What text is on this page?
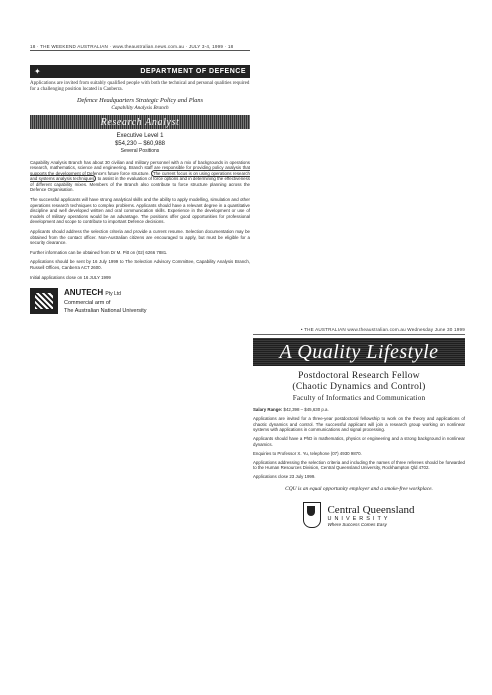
18 · THE WEEKEND AUSTRALIAN · www.theaustralian.news.com.au · JULY 3-4, 1999 · 18
✦	DEPARTMENT OF DEFENCE
Applications are invited from suitably qualified people with both the technical and personal qualities required for a challenging position located in Canberra.
Defence Headquarters Strategic Policy and Plans
Capability Analysis Branch
Research Analyst
Executive Level 1
$54,230 – $60,988
Several Positions
Capability Analysis Branch has about 30 civilian and military personnel with a mix of backgrounds in operations research, mathematics, science and engineering. Branch staff are responsible for providing policy analysis that supports the development of Defence's future force structure. The current focus is on using operations research and systems analysis techniques to assist in the evaluation of force options and in determining the effectiveness of different capability mixes. Members of the Branch also contribute to force structure planning across the Defence Organisation.
The successful applicants will have strong analytical skills and the ability to apply modelling, simulation and other operations research techniques to complex problems. Applicants should have a relevant degree in a quantitative discipline and well developed written and oral communication skills. Experience in the development or use of models of military operations would be an advantage. The positions offer good opportunities for professional development and scope to contribute to important Defence decisions.
Applicants should address the selection criteria and provide a current resume. Selection documentation may be obtained from the contact officer. Non-Australian citizens are encouraged to apply, but must be eligible for a security clearance.
Further information can be obtained from Dr M. Pitt on (02) 6266 7881.
Applications should be sent by 16 July 1999 to The Selection Advisory Committee, Capability Analysis Branch, Russell Offices, Canberra ACT 2600.
Initial applications close on 16 JULY 1999
ANUTECH Pty Ltd
Commercial arm of
The Australian National University
• THE AUSTRALIAN www.theaustralian.com.au Wednesday June 30 1999
A Quality Lifestyle
Postdoctoral Research Fellow
(Chaotic Dynamics and Control)
Faculty of Informatics and Communication
Salary Range: $42,398 – $45,630 p.a.
Applications are invited for a three-year postdoctoral fellowship to work on the theory and applications of chaotic dynamics and control. The successful applicant will join a research group working on nonlinear systems with applications in communications and signal processing.
Applicants should have a PhD in mathematics, physics or engineering and a strong background in nonlinear dynamics.
Enquiries to Professor X. Yu, telephone (07) 4930 9870.
Applications addressing the selection criteria and including the names of three referees should be forwarded to the Human Resources Division, Central Queensland University, Rockhampton Qld 4702.
Applications close 23 July 1999.
CQU is an equal opportunity employer and a smoke-free workplace.
Central Queensland
UNIVERSITY
Where Success Comes Easy
